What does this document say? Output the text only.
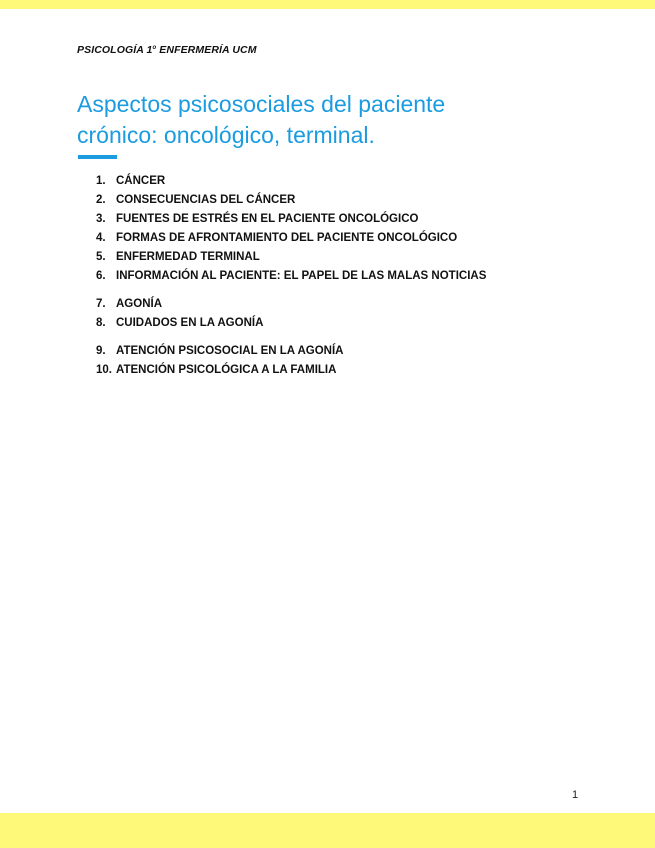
PSICOLOGÍA 1$^o$ ENFERMERÍA UCM
Aspectos psicosociales del paciente
crónico: oncológico, terminal.
1. CÁNCER
2. CONSECUENCIAS DEL CÁNCER
3. FUENTES DE ESTRÉS EN EL PACIENTE ONCOLÓGICO
4. FORMAS DE AFRONTAMIENTO DEL PACIENTE ONCOLÓGICO
5. ENFERMEDAD TERMINAL
6. INFORMACIÓN AL PACIENTE: EL PAPEL DE LAS MALAS NOTICIAS
7. AGONÍA
8. CUIDADOS EN LA AGONÍA
9. ATENCIÓN PSICOSOCIAL EN LA AGONÍA
10. ATENCIÓN PSICOLÓGICA A LA FAMILIA
1
